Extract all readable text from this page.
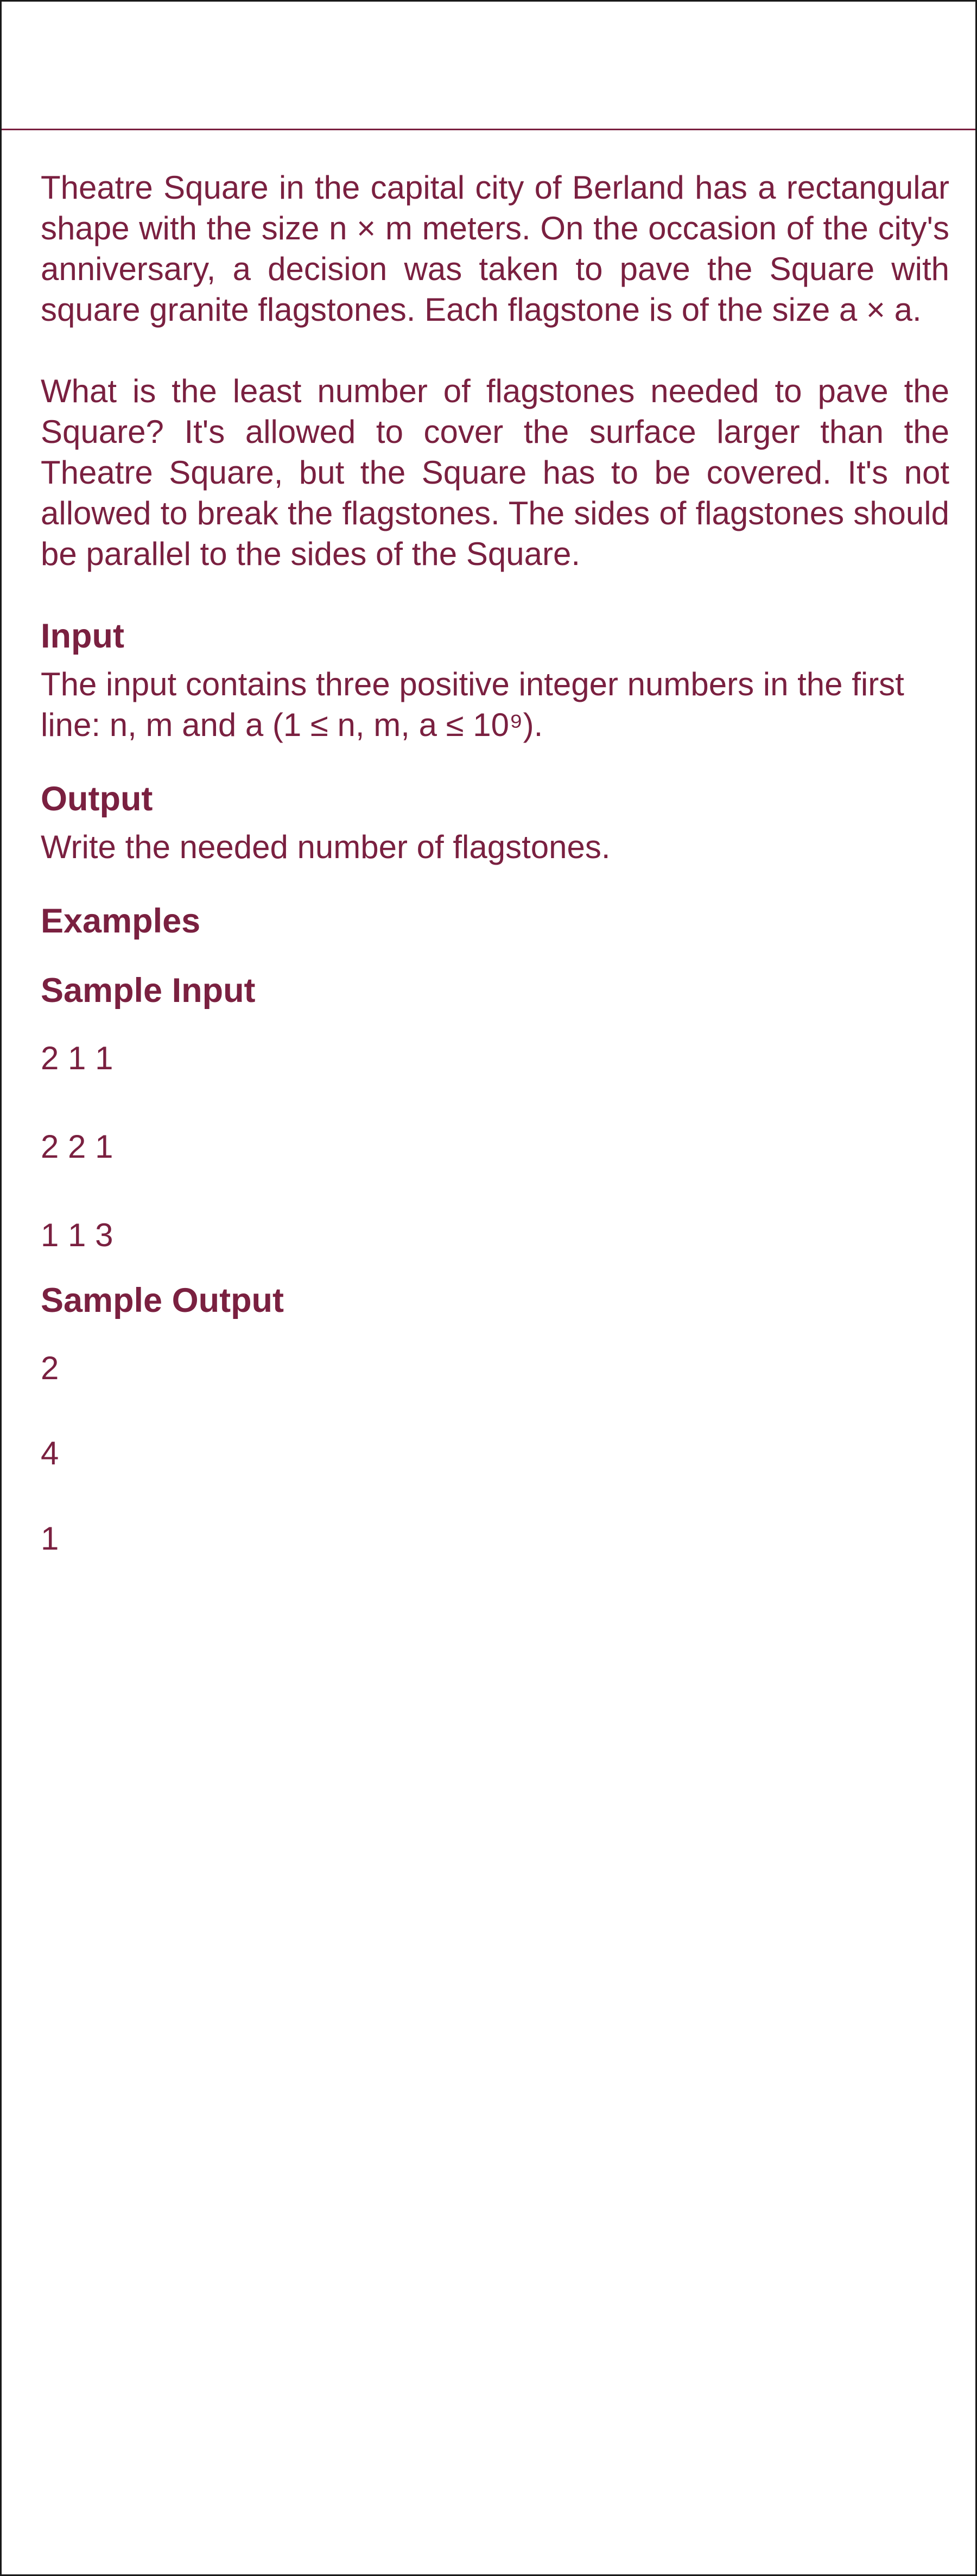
Theatre Square in the capital city of Berland has a rectangular shape with the size n × m meters. On the occasion of the city's anniversary, a decision was taken to pave the Square with square granite flagstones. Each flagstone is of the size a × a.

What is the least number of flagstones needed to pave the Square? It's allowed to cover the surface larger than the Theatre Square, but the Square has to be covered. It's not allowed to break the flagstones. The sides of flagstones should be parallel to the sides of the Square.

Input
The input contains three positive integer numbers in the first line: n, m and a (1 ≤ n, m, a ≤ 10⁹).
Output
Write the needed number of flagstones.
Examples
Sample Input
2 1 1
2 2 1
1 1 3
Sample Output
2
4
1
